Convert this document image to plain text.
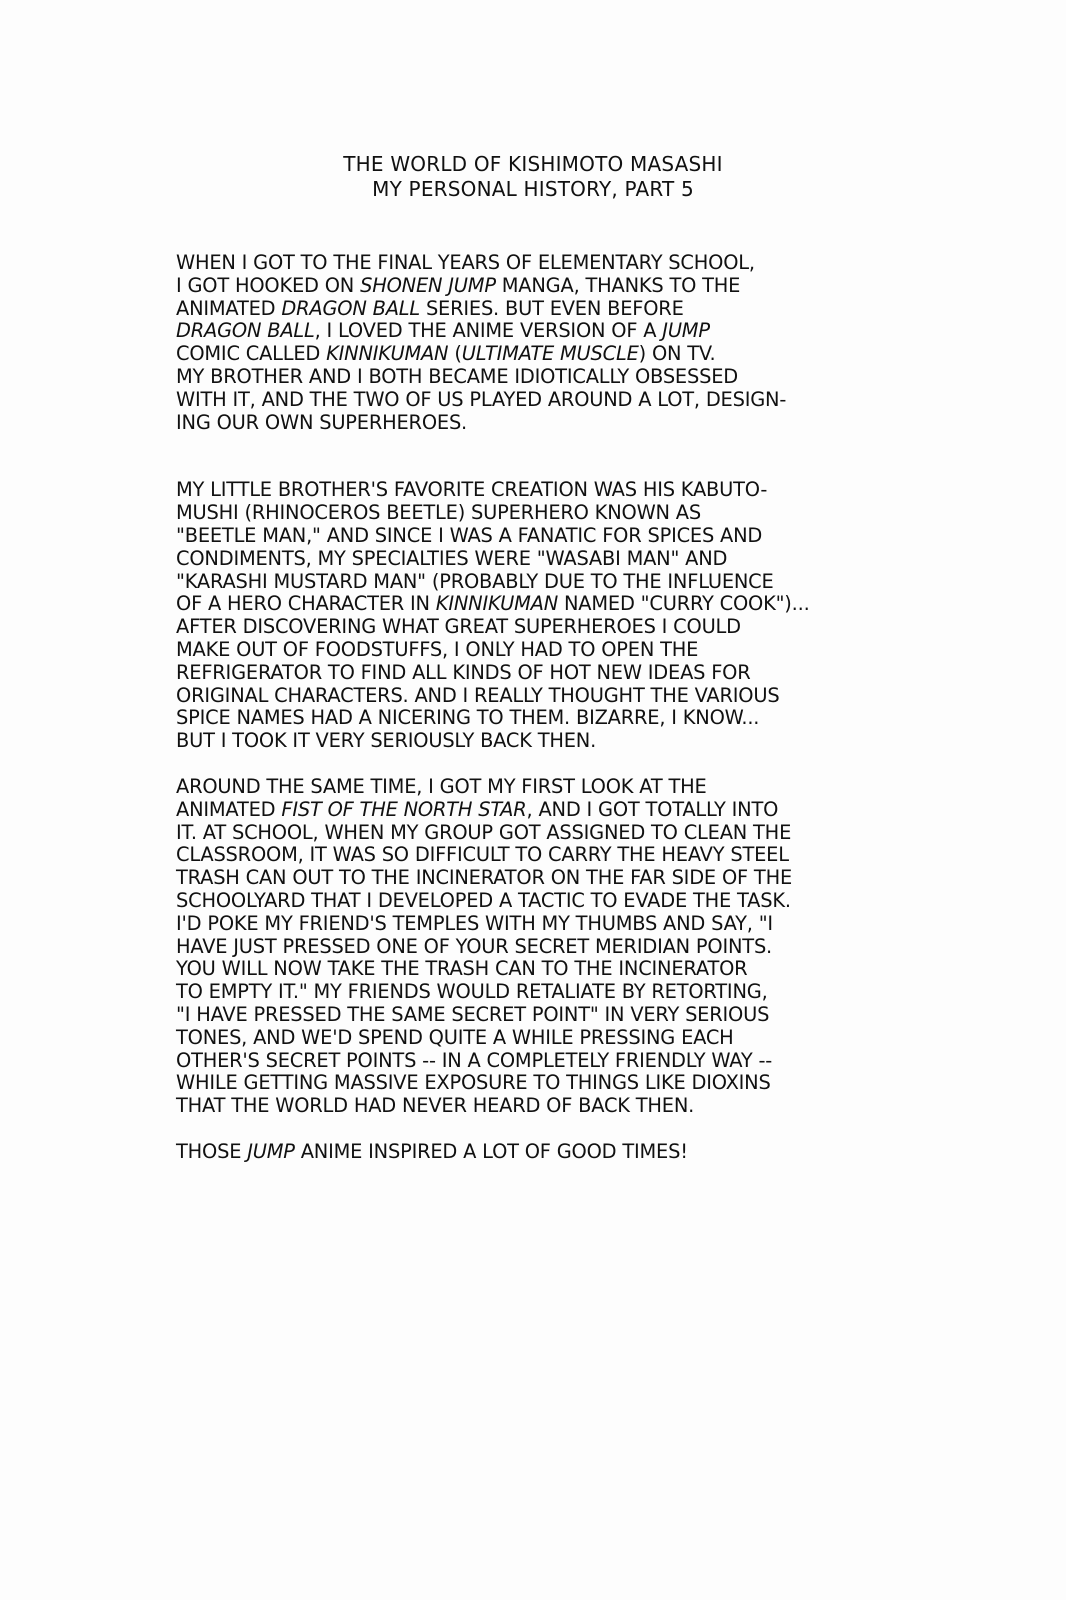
THE WORLD OF KISHIMOTO MASASHI
MY PERSONAL HISTORY, PART 5
WHEN I GOT TO THE FINAL YEARS OF ELEMENTARY SCHOOL,
I GOT HOOKED ON SHONEN JUMP MANGA, THANKS TO THE
ANIMATED DRAGON BALL SERIES. BUT EVEN BEFORE
DRAGON BALL, I LOVED THE ANIME VERSION OF A JUMP
COMIC CALLED KINNIKUMAN (ULTIMATE MUSCLE) ON TV.
MY BROTHER AND I BOTH BECAME IDIOTICALLY OBSESSED
WITH IT, AND THE TWO OF US PLAYED AROUND A LOT, DESIGN-
ING OUR OWN SUPERHEROES.
MY LITTLE BROTHER'S FAVORITE CREATION WAS HIS KABUTO-
MUSHI (RHINOCEROS BEETLE) SUPERHERO KNOWN AS
"BEETLE MAN," AND SINCE I WAS A FANATIC FOR SPICES AND
CONDIMENTS, MY SPECIALTIES WERE "WASABI MAN" AND
"KARASHI MUSTARD MAN" (PROBABLY DUE TO THE INFLUENCE
OF A HERO CHARACTER IN KINNIKUMAN NAMED "CURRY COOK")...
AFTER DISCOVERING WHAT GREAT SUPERHEROES I COULD
MAKE OUT OF FOODSTUFFS, I ONLY HAD TO OPEN THE
REFRIGERATOR TO FIND ALL KINDS OF HOT NEW IDEAS FOR
ORIGINAL CHARACTERS. AND I REALLY THOUGHT THE VARIOUS
SPICE NAMES HAD A NICERING TO THEM. BIZARRE, I KNOW...
BUT I TOOK IT VERY SERIOUSLY BACK THEN.
AROUND THE SAME TIME, I GOT MY FIRST LOOK AT THE
ANIMATED FIST OF THE NORTH STAR, AND I GOT TOTALLY INTO
IT. AT SCHOOL, WHEN MY GROUP GOT ASSIGNED TO CLEAN THE
CLASSROOM, IT WAS SO DIFFICULT TO CARRY THE HEAVY STEEL
TRASH CAN OUT TO THE INCINERATOR ON THE FAR SIDE OF THE
SCHOOLYARD THAT I DEVELOPED A TACTIC TO EVADE THE TASK.
I'D POKE MY FRIEND'S TEMPLES WITH MY THUMBS AND SAY, "I
HAVE JUST PRESSED ONE OF YOUR SECRET MERIDIAN POINTS.
YOU WILL NOW TAKE THE TRASH CAN TO THE INCINERATOR
TO EMPTY IT." MY FRIENDS WOULD RETALIATE BY RETORTING,
"I HAVE PRESSED THE SAME SECRET POINT" IN VERY SERIOUS
TONES, AND WE'D SPEND QUITE A WHILE PRESSING EACH
OTHER'S SECRET POINTS -- IN A COMPLETELY FRIENDLY WAY --
WHILE GETTING MASSIVE EXPOSURE TO THINGS LIKE DIOXINS
THAT THE WORLD HAD NEVER HEARD OF BACK THEN.
THOSE JUMP ANIME INSPIRED A LOT OF GOOD TIMES!
